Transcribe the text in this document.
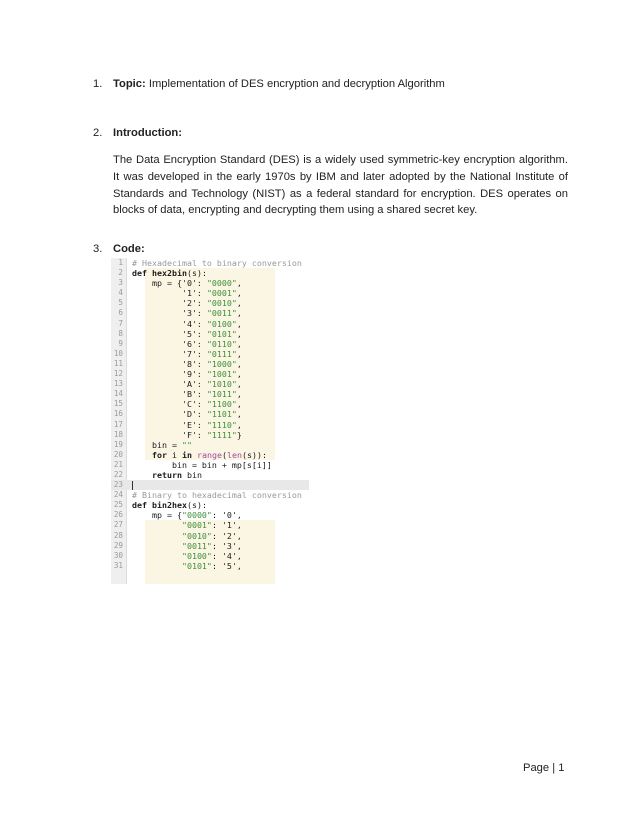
1. Topic: Implementation of DES encryption and decryption Algorithm
2. Introduction:
The Data Encryption Standard (DES) is a widely used symmetric-key encryption algorithm. It was developed in the early 1970s by IBM and later adopted by the National Institute of Standards and Technology (NIST) as a federal standard for encryption. DES operates on blocks of data, encrypting and decrypting them using a shared secret key.
3. Code:
1 # Hexadecimal to binary conversion
2 def hex2bin(s):
3 mp = {'0': "0000",
4 '1': "0001",
5 '2': "0010",
6 '3': "0011",
7 '4': "0100",
8 '5': "0101",
9 '6': "0110",
10 '7': "0111",
11 '8': "1000",
12 '9': "1001",
13 'A': "1010",
14 'B': "1011",
15 'C': "1100",
16 'D': "1101",
17 'E': "1110",
18 'F': "1111"}
19 bin = ""
20	for i in range(len(s)):
21 bin = bin + mp[s[i]]
22	return bin
23
24 # Binary to hexadecimal conversion
25 def bin2hex(s):
26 mp = {"0000": '0',
27	"0001": '1',
28	"0010": '2',
29	"0011": '3',
30	"0100": '4',
31	"0101": '5',
Page | 1
